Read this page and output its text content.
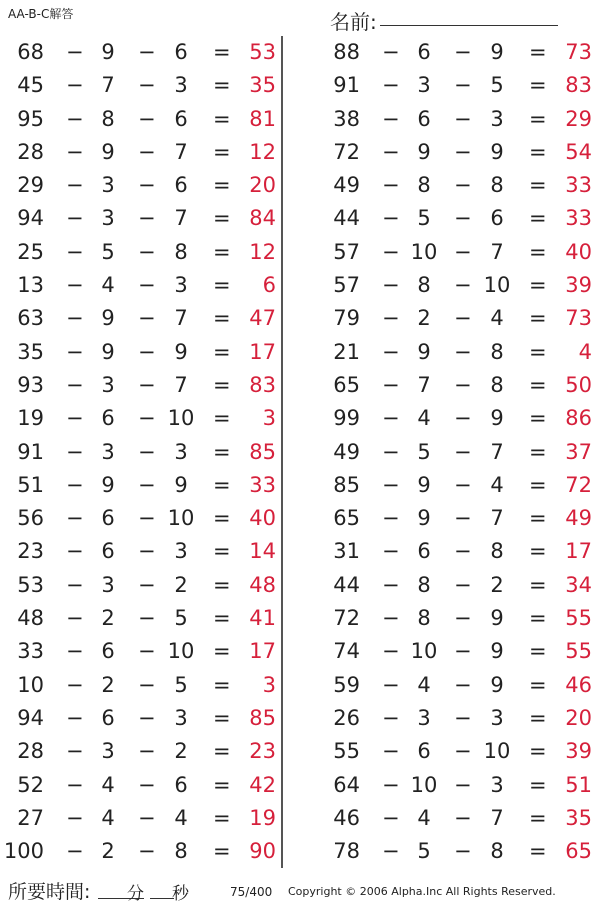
AA-B-C解答	名前:
68 − 9	− 6	= 53
45 − 7	− 3	= 35
95 − 8	− 6	= 81
28 − 9	− 7	= 12
29 − 3	− 6	= 20
94 − 3	− 7	= 84
25 − 5	− 8	= 12
13 − 4	− 3	=	6
63 − 9	− 7	= 47
35 − 9	− 9	= 17
93 − 3	− 7	= 83
19 − 6	− 10 =	3
91 − 3	− 3	= 85
51 − 9	− 9	= 33
56 − 6	− 10 = 40
23 − 6	− 3	= 14
53 − 3	− 2	= 48
48 − 2	− 5	= 41
33 − 6	− 10 = 17
10 − 2	− 5	=	3
94 − 6	− 3	= 85
28 − 3	− 2	= 23
52 − 4	− 6	= 42
27 − 4	− 4	= 19
100 − 2	− 8	= 90
88 − 6	− 9	= 73
91 − 3	− 5	= 83
38 − 6	− 3	= 29
72 − 9	− 9	= 54
49 − 8	− 8	= 33
44 − 5	− 6	= 33
57 − 10 − 7	= 40
57 − 8	− 10 = 39
79 − 2	− 4	= 73
21 − 9	− 8	=	4
65 − 7	− 8	= 50
99 − 4	− 9	= 86
49 − 5	− 7	= 37
85 − 9	− 4	= 72
65 − 9	− 7	= 49
31 − 6	− 8	= 17
44 − 8	− 2	= 34
72 − 8	− 9	= 55
74 − 10 − 9	= 55
59 − 4	− 9	= 46
26 − 3	− 3	= 20
55 − 6	− 10 = 39
64 − 10 − 3	= 51
46 − 4	− 7	= 35
78 − 5	− 8	= 65
所要時間: 分 秒	75/400 Copyright © 2006 Alpha.Inc All Rights Reserved.
